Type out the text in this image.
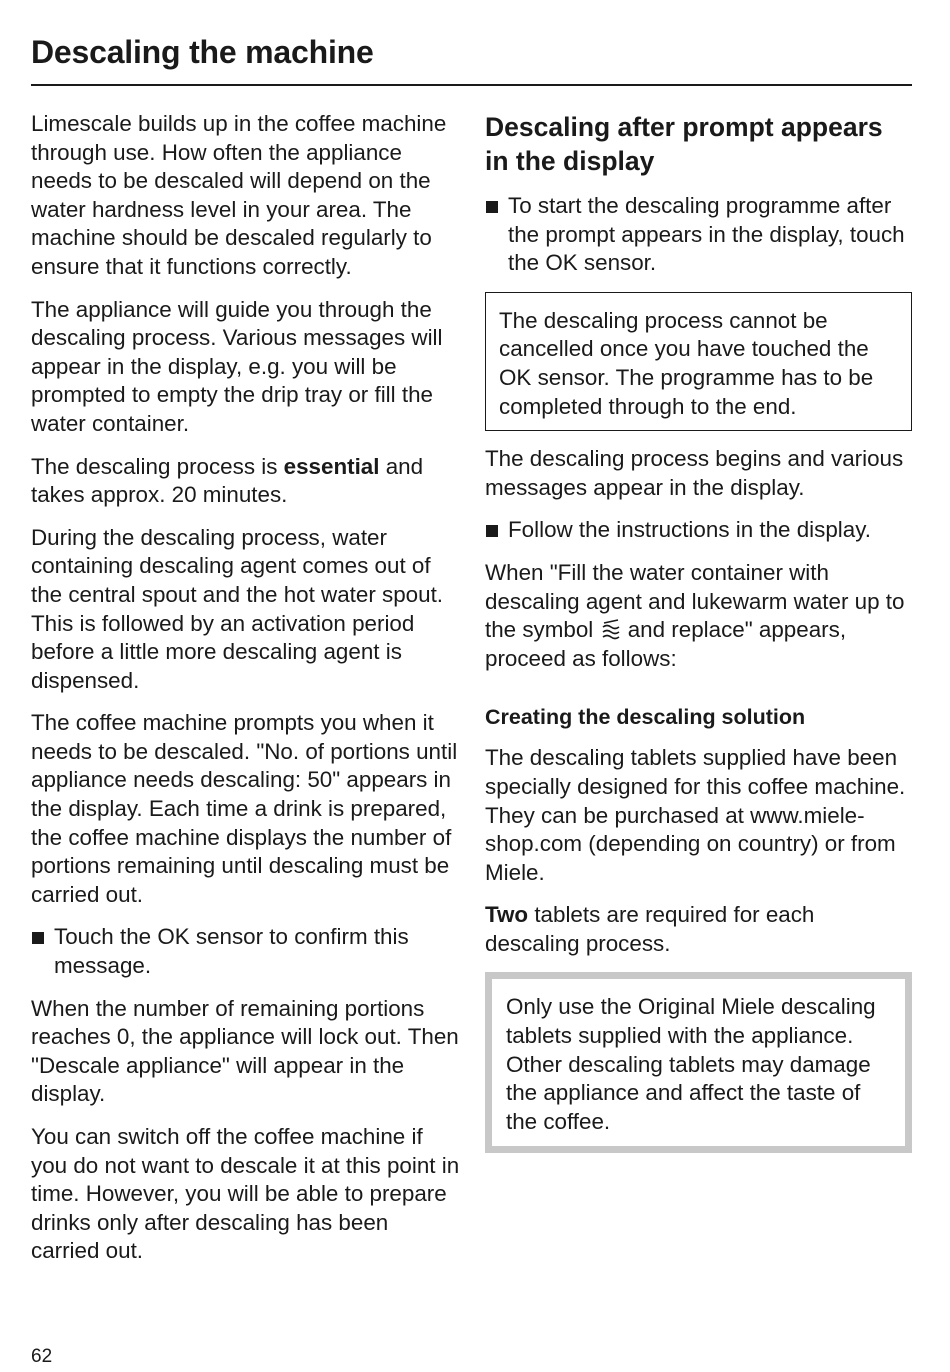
Descaling the machine

Limescale builds up in the coffee machine through use. How often the appliance needs to be descaled will depend on the water hardness level in your area. The machine should be descaled regularly to ensure that it functions correctly.

The appliance will guide you through the descaling process. Various messages will appear in the display, e.g. you will be prompted to empty the drip tray or fill the water container.

The descaling process is essential and takes approx. 20 minutes.

During the descaling process, water containing descaling agent comes out of the central spout and the hot water spout. This is followed by an activation period before a little more descaling agent is dispensed.

The coffee machine prompts you when it needs to be descaled. "No. of portions until appliance needs descaling: 50" appears in the display. Each time a drink is prepared, the coffee machine displays the number of portions remaining until descaling must be carried out.

Touch the OK sensor to confirm this message.

When the number of remaining portions reaches 0, the appliance will lock out. Then "Descale appliance" will appear in the display.

You can switch off the coffee machine if you do not want to descale it at this point in time. However, you will be able to prepare drinks only after descaling has been carried out.

Descaling after prompt appears in the display
To start the descaling programme after the prompt appears in the display, touch the OK sensor.

The descaling process cannot be cancelled once you have touched the OK sensor. The programme has to be completed through to the end.

The descaling process begins and various messages appear in the display.

Follow the instructions in the display.

When "Fill the water container with descaling agent and lukewarm water up to the symbol  and replace" appears, proceed as follows:

Creating the descaling solution

The descaling tablets supplied have been specially designed for this coffee machine. They can be purchased at www.miele-shop.com (depending on country) or from Miele.

Two tablets are required for each descaling process.

Only use the Original Miele descaling tablets supplied with the appliance. Other descaling tablets may damage the appliance and affect the taste of the coffee.

62
